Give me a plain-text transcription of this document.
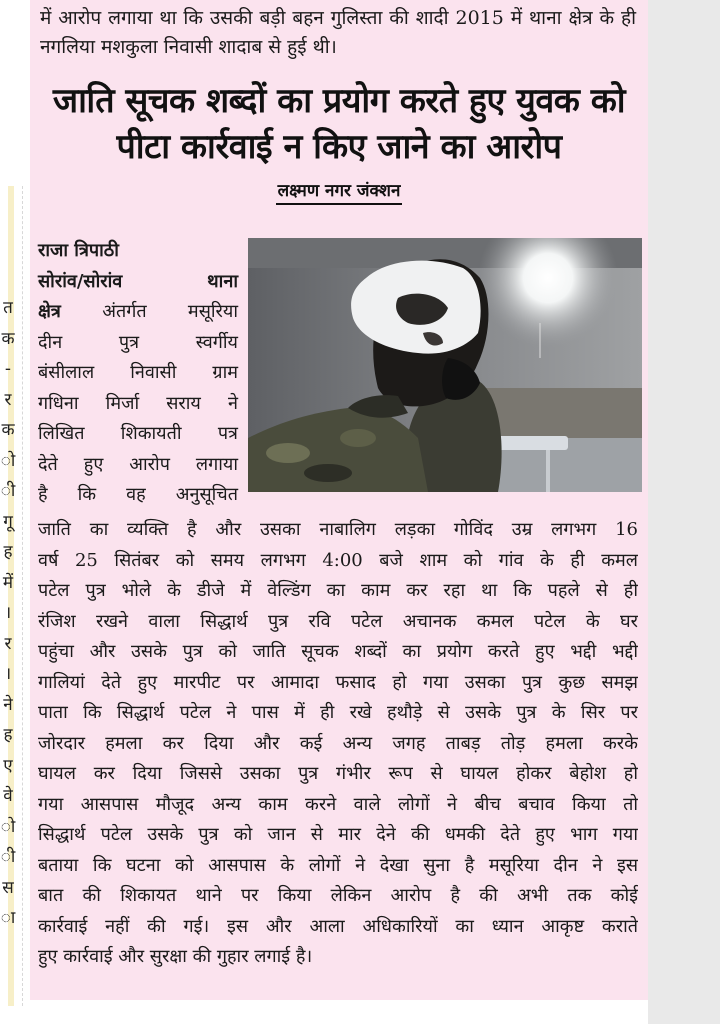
त
क
-
र
क
ो
ी
गू
ह
में
।
र
।
ने
ह
ए
वे
ो
ी
स
ा
में आरोप लगाया था कि उसकी बड़ी बहन गुलिस्ता की शादी 2015 में थाना क्षेत्र के ही नगलिया मशकुला निवासी शादाब से हुई थी।
जाति सूचक शब्दों का प्रयोग करते हुए युवक को
पीटा कार्रवाई न किए जाने का आरोप
लक्ष्मण नगर जंक्शन
राजा त्रिपाठी
सोरांव/सोरांव थाना
क्षेत्र अंतर्गत मसूरिया
दीन पुत्र स्वर्गीय
बंसीलाल निवासी ग्राम
गधिना मिर्जा सराय ने
लिखित शिकायती पत्र
देते हुए आरोप लगाया
है कि वह अनुसूचित
जाति का व्यक्ति है और उसका नाबालिग लड़का गोविंद उम्र लगभग 16
वर्ष 25 सितंबर को समय लगभग 4:00 बजे शाम को गांव के ही कमल
पटेल पुत्र भोले के डीजे में वेल्डिंग का काम कर रहा था कि पहले से ही
रंजिश रखने वाला सिद्धार्थ पुत्र रवि पटेल अचानक कमल पटेल के घर
पहुंचा और उसके पुत्र को जाति सूचक शब्दों का प्रयोग करते हुए भद्दी भद्दी
गालियां देते हुए मारपीट पर आमादा फसाद हो गया उसका पुत्र कुछ समझ
पाता कि सिद्धार्थ पटेल ने पास में ही रखे हथौड़े से उसके पुत्र के सिर पर
जोरदार हमला कर दिया और कई अन्य जगह ताबड़ तोड़ हमला करके
घायल कर दिया जिससे उसका पुत्र गंभीर रूप से घायल होकर बेहोश हो
गया आसपास मौजूद अन्य काम करने वाले लोगों ने बीच बचाव किया तो
सिद्धार्थ पटेल उसके पुत्र को जान से मार देने की धमकी देते हुए भाग गया
बताया कि घटना को आसपास के लोगों ने देखा सुना है मसूरिया दीन ने इस
बात की शिकायत थाने पर किया लेकिन आरोप है की अभी तक कोई
कार्रवाई नहीं की गई। इस और आला अधिकारियों का ध्यान आकृष्ट कराते
हुए कार्रवाई और सुरक्षा की गुहार लगाई है।
